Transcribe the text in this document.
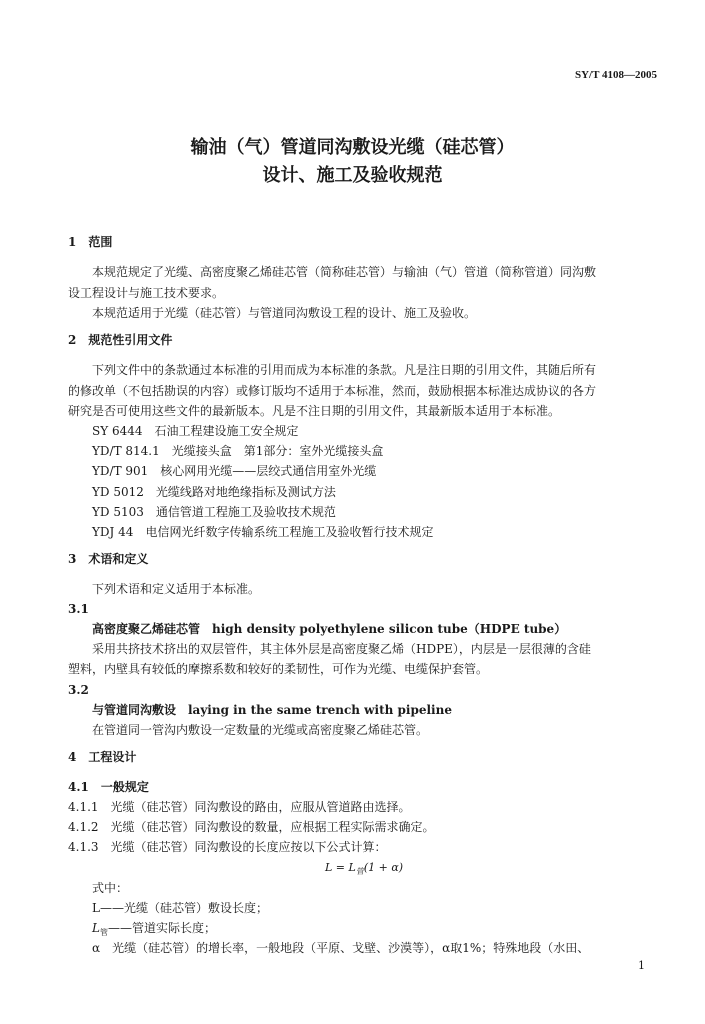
SY/T 4108—2005
输油（气）管道同沟敷设光缆（硅芯管）
设计、施工及验收规范
1　范围
本规范规定了光缆、高密度聚乙烯硅芯管（简称硅芯管）与输油（气）管道（简称管道）同沟敷
设工程设计与施工技术要求。
本规范适用于光缆（硅芯管）与管道同沟敷设工程的设计、施工及验收。
2　规范性引用文件
下列文件中的条款通过本标准的引用而成为本标准的条款。凡是注日期的引用文件，其随后所有
的修改单（不包括勘误的内容）或修订版均不适用于本标准，然而，鼓励根据本标准达成协议的各方
研究是否可使用这些文件的最新版本。凡是不注日期的引用文件，其最新版本适用于本标准。
SY 6444　石油工程建设施工安全规定
YD/T 814.1　光缆接头盒　第1部分：室外光缆接头盒
YD/T 901　核心网用光缆——层绞式通信用室外光缆
YD 5012　光缆线路对地绝缘指标及测试方法
YD 5103　通信管道工程施工及验收技术规范
YDJ 44　电信网光纤数字传输系统工程施工及验收暂行技术规定
3　术语和定义
下列术语和定义适用于本标准。
3.1
高密度聚乙烯硅芯管　high density polyethylene silicon tube（HDPE tube）
采用共挤技术挤出的双层管件，其主体外层是高密度聚乙烯（HDPE），内层是一层很薄的含硅
塑料，内壁具有较低的摩擦系数和较好的柔韧性，可作为光缆、电缆保护套管。
3.2
与管道同沟敷设　laying in the same trench with pipeline
在管道同一管沟内敷设一定数量的光缆或高密度聚乙烯硅芯管。
4　工程设计
4.1　一般规定
4.1.1　光缆（硅芯管）同沟敷设的路由，应服从管道路由选择。
4.1.2　光缆（硅芯管）同沟敷设的数量，应根据工程实际需求确定。
4.1.3　光缆（硅芯管）同沟敷设的长度应按以下公式计算：
$L = L_管(1 + \alpha)$
式中：
L——光缆（硅芯管）敷设长度；
$L_管——$管道实际长度；
α　光缆（硅芯管）的增长率，一般地段（平原、戈壁、沙漠等），α取1%；特殊地段（水田、
1
